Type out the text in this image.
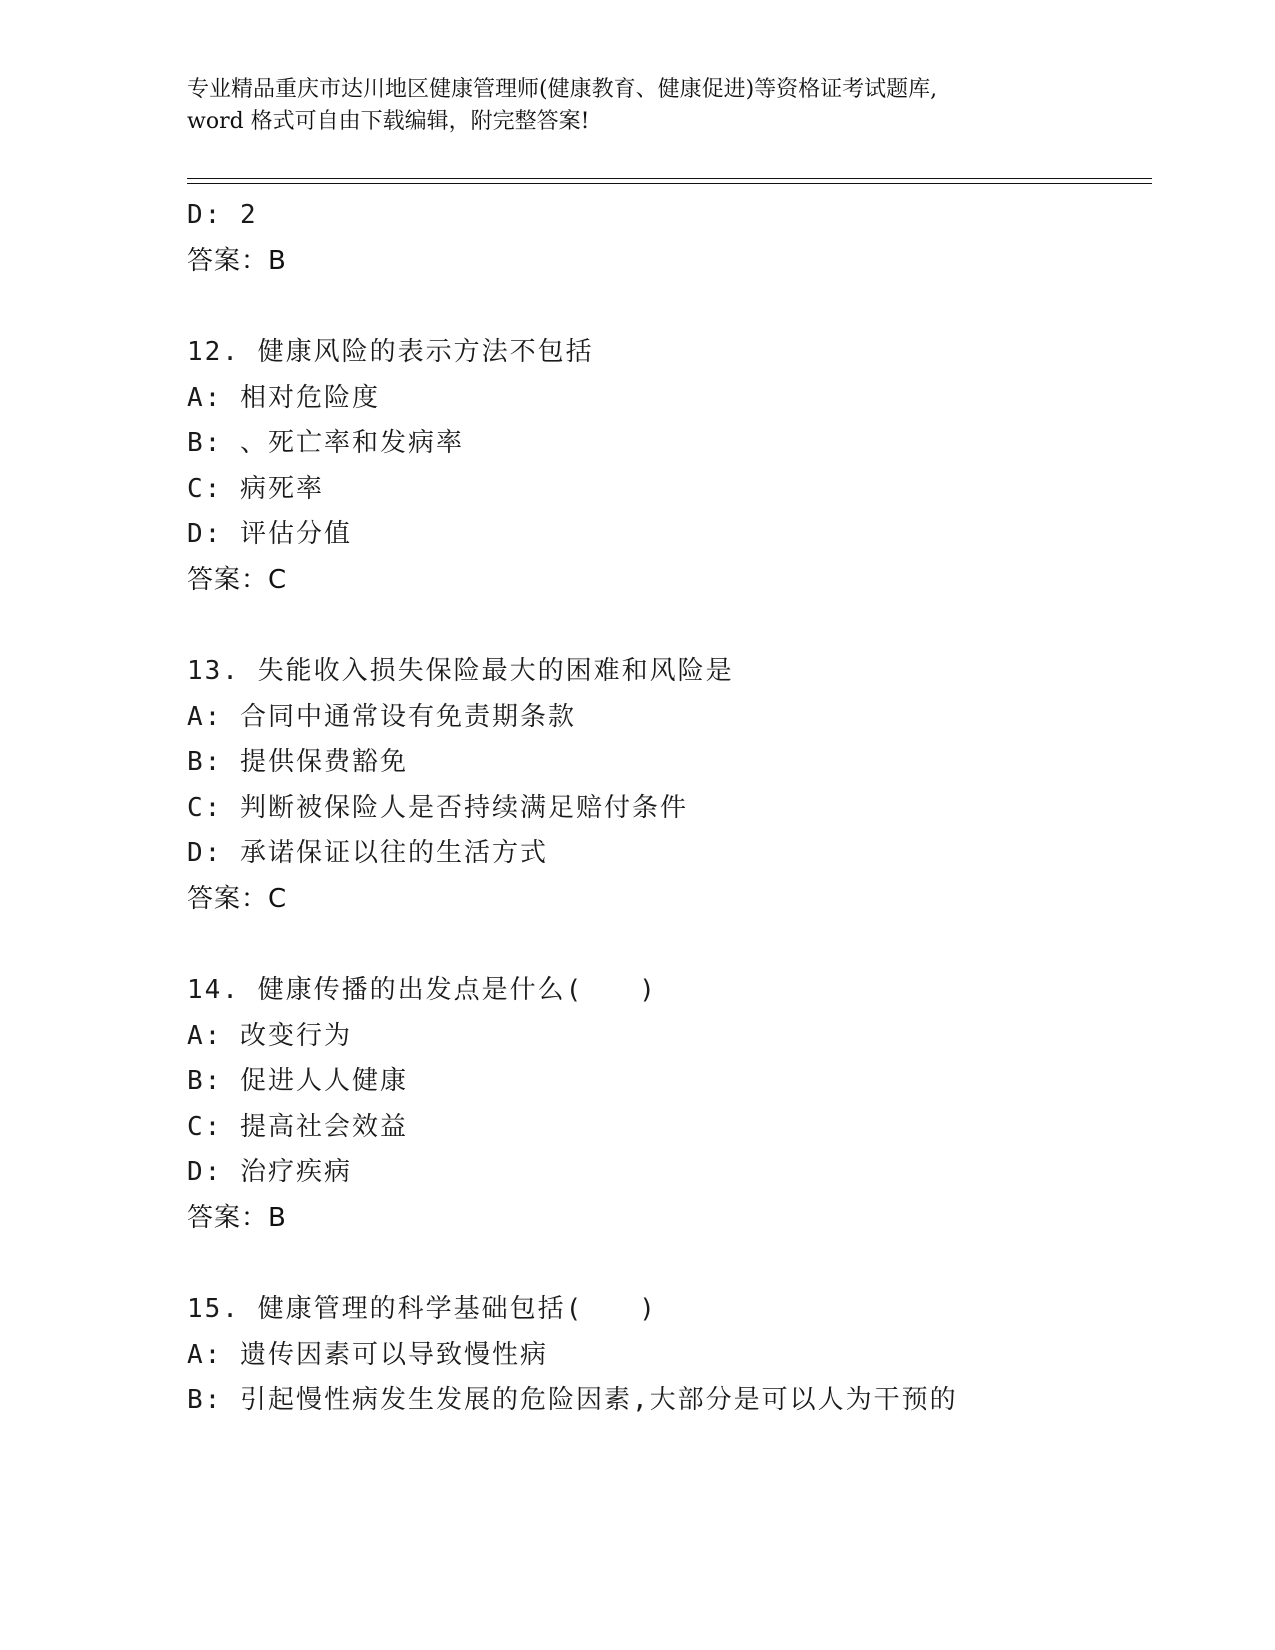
专业精品重庆市达川地区健康管理师(健康教育、健康促进)等资格证考试题库,
word 格式可自由下载编辑，附完整答案!
D: 2
答案：B
12. 健康风险的表示方法不包括
A: 相对危险度
B: 、死亡率和发病率
C: 病死率
D: 评估分值
答案：C
13. 失能收入损失保险最大的困难和风险是
A: 合同中通常设有免责期条款
B: 提供保费豁免
C: 判断被保险人是否持续满足赔付条件
D: 承诺保证以往的生活方式
答案：C
14. 健康传播的出发点是什么(　　)
A: 改变行为
B: 促进人人健康
C: 提高社会效益
D: 治疗疾病
答案：B
15. 健康管理的科学基础包括(　　)
A: 遗传因素可以导致慢性病
B: 引起慢性病发生发展的危险因素,大部分是可以人为干预的
